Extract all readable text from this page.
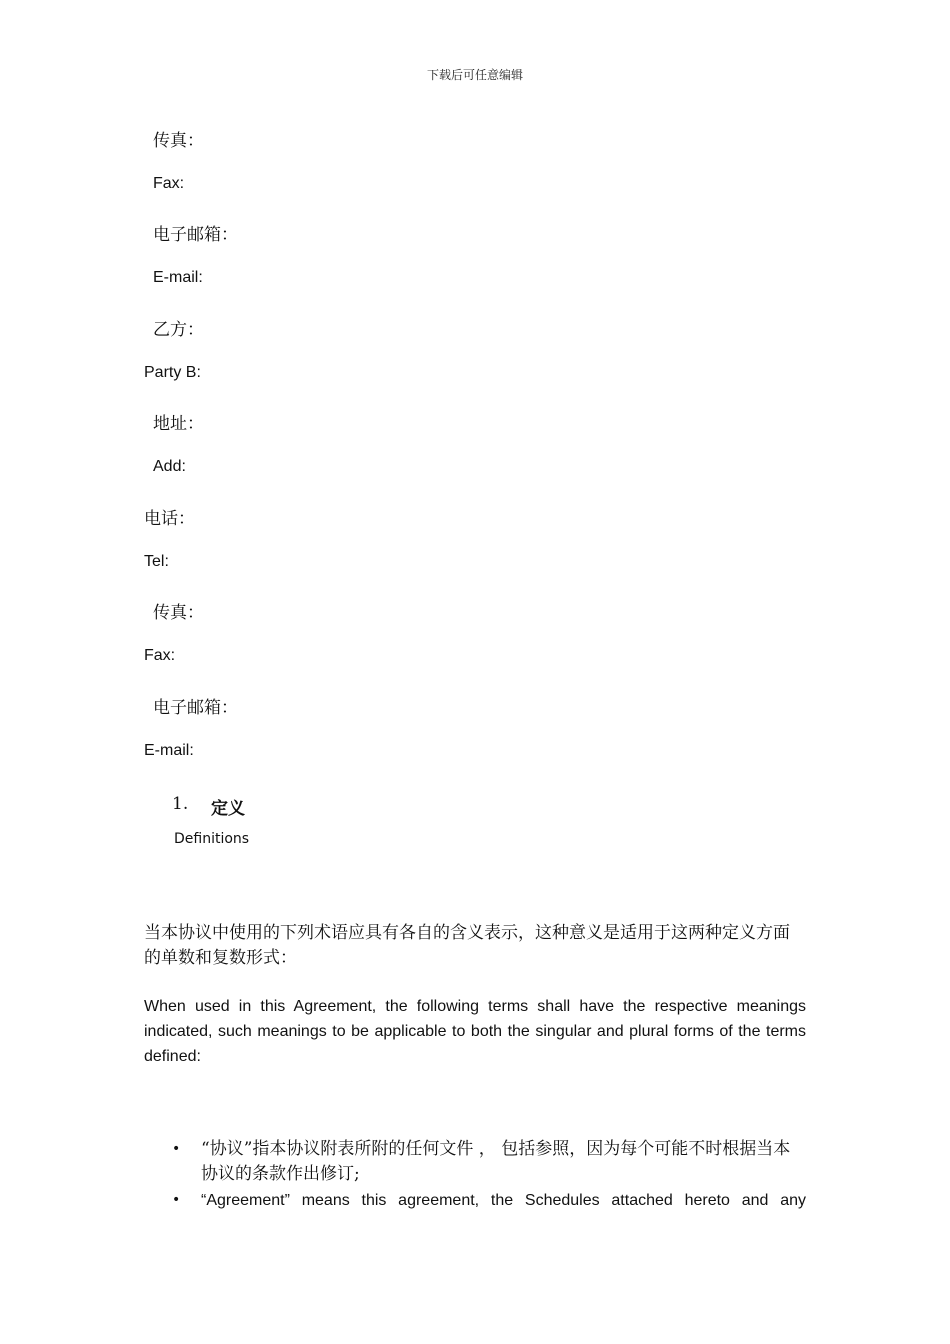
下载后可任意编辑
传真：
Fax:
电子邮箱：
E-mail:
乙方：
Party B:
地址：
Add:
电话：
Tel:
传真：
Fax:
电子邮箱：
E-mail:
1. 定义
Definitions
当本协议中使用的下列术语应具有各自的含义表示，这种意义是适用于这两种定义方面的单数和复数形式：
When used in this Agreement, the following terms shall have the respective meanings indicated, such meanings to be applicable to both the singular and plural forms of the terms defined:
• “协议”指本协议附表所附的任何文件 ， 包括参照，因为每个可能不时根据当本协议的条款作出修订;
• “Agreement” means this agreement, the Schedules attached hereto and any
